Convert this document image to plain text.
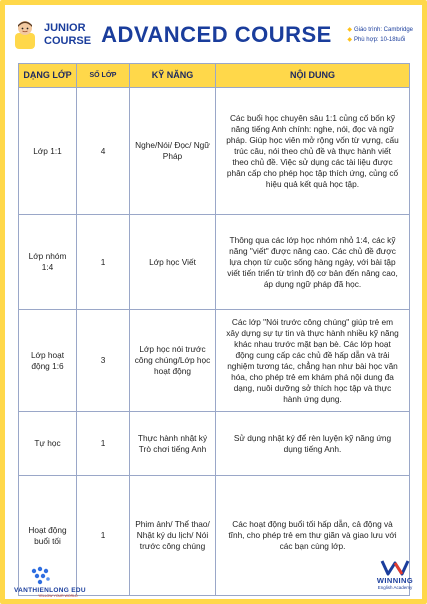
JUNIOR
COURSE ADVANCED COURSE	◆ Giáo trình: Cambridge
◆ Phù hợp: 10-18tuổi
DẠNG LỚP	SỐ LỚP	KỸ NĂNG	NỘI DUNG
Lớp 1:1	4	Nghe/Nói/ Đọc/ Ngữ Pháp	Các buổi học chuyên sâu 1:1 củng cố bốn kỹ năng tiếng Anh chính: nghe, nói, đọc và ngữ pháp. Giúp học viên mở rộng vốn từ vựng, cấu trúc câu, nói theo chủ đề và thực hành viết theo chủ đề. Việc sử dụng các tài liệu được phân cấp cho phép học tập thích ứng, củng cố hiệu quả kết quả học tập.
Lớp nhóm 1:4	1	Lớp học Viết	Thông qua các lớp học nhóm nhỏ 1:4, các kỹ năng "viết" được nâng cao. Các chủ đề được lựa chọn từ cuộc sống hàng ngày, với bài tập viết tiến triển từ trình độ cơ bản đến nâng cao, áp dụng ngữ pháp đã học.
Lớp hoạt động 1:6	3	Lớp học nói trước công chúng/Lớp học hoạt động	Các lớp "Nói trước công chúng" giúp trẻ em xây dựng sự tự tin và thực hành nhiều kỹ năng khác nhau trước mặt bạn bè. Các lớp hoạt động cung cấp các chủ đề hấp dẫn và trải nghiệm tương tác, chẳng hạn như bài học văn hóa, cho phép trẻ em khám phá nội dung đa dạng, nuôi dưỡng sở thích học tập và thực hành ứng dụng.
Tự học	1	Thực hành nhật ký Trò chơi tiếng Anh	Sử dụng nhật ký để rèn luyện kỹ năng ứng dụng tiếng Anh.
Hoạt động buổi tối	1	Phim ảnh/ Thể thao/ Nhật ký du lịch/ Nói trước công chúng	Các hoạt động buổi tối hấp dẫn, cả động và tĩnh, cho phép trẻ em thư giãn và giao lưu với các bạn cùng lớp.
VANTHIENLONG EDU
YELLOW YOUR WORLD
WINNING
English Academy
